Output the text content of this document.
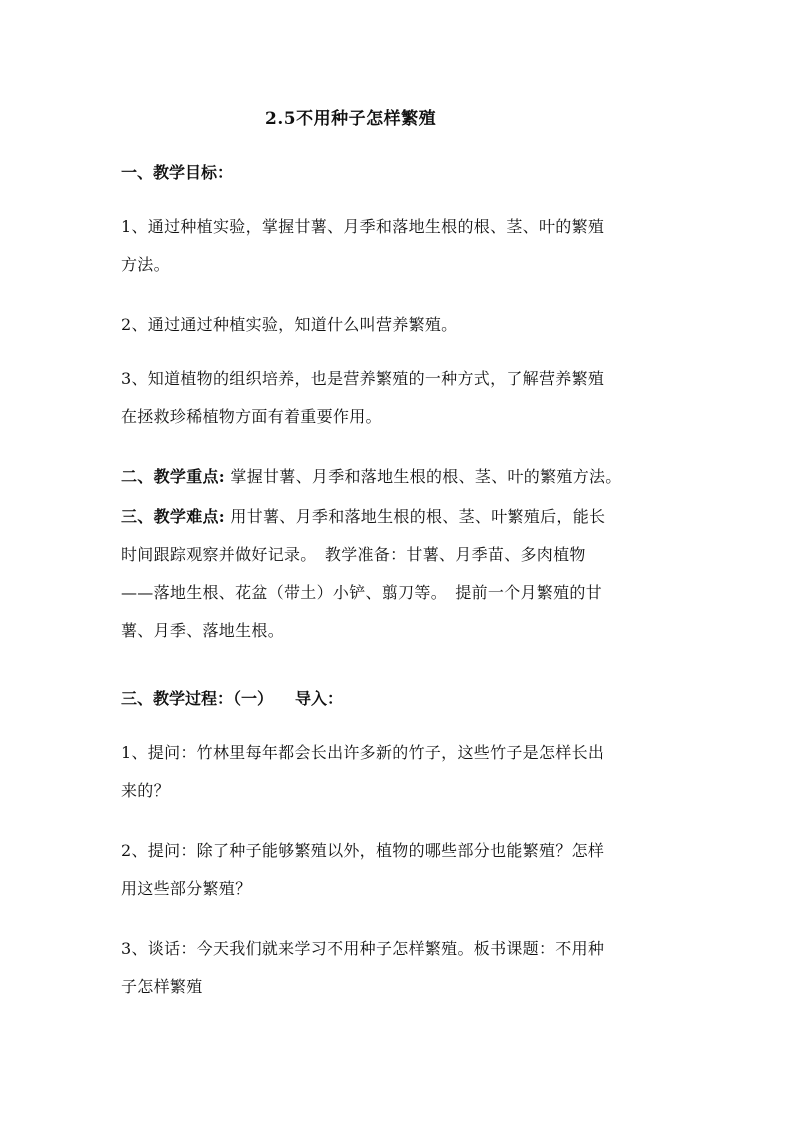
2.5不用种子怎样繁殖
一、教学目标：
1、通过种植实验，掌握甘薯、月季和落地生根的根、茎、叶的繁殖
方法。
2、通过通过种植实验，知道什么叫营养繁殖。
3、知道植物的组织培养，也是营养繁殖的一种方式，了解营养繁殖
在拯救珍稀植物方面有着重要作用。
二、教学重点: 掌握甘薯、月季和落地生根的根、茎、叶的繁殖方法。
三、教学难点: 用甘薯、月季和落地生根的根、茎、叶繁殖后，能长
时间跟踪观察并做好记录。　教学准备：甘薯、月季苗、多肉植物
——落地生根、花盆（带土）小铲、翦刀等。　提前一个月繁殖的甘
薯、月季、落地生根。
三、教学过程：（一） 导入：
1、提问：竹林里每年都会长出许多新的竹子，这些竹子是怎样长出
来的？
2、提问：除了种子能够繁殖以外，植物的哪些部分也能繁殖？怎样
用这些部分繁殖？
3、谈话：今天我们就来学习不用种子怎样繁殖。板书课题：不用种
子怎样繁殖
